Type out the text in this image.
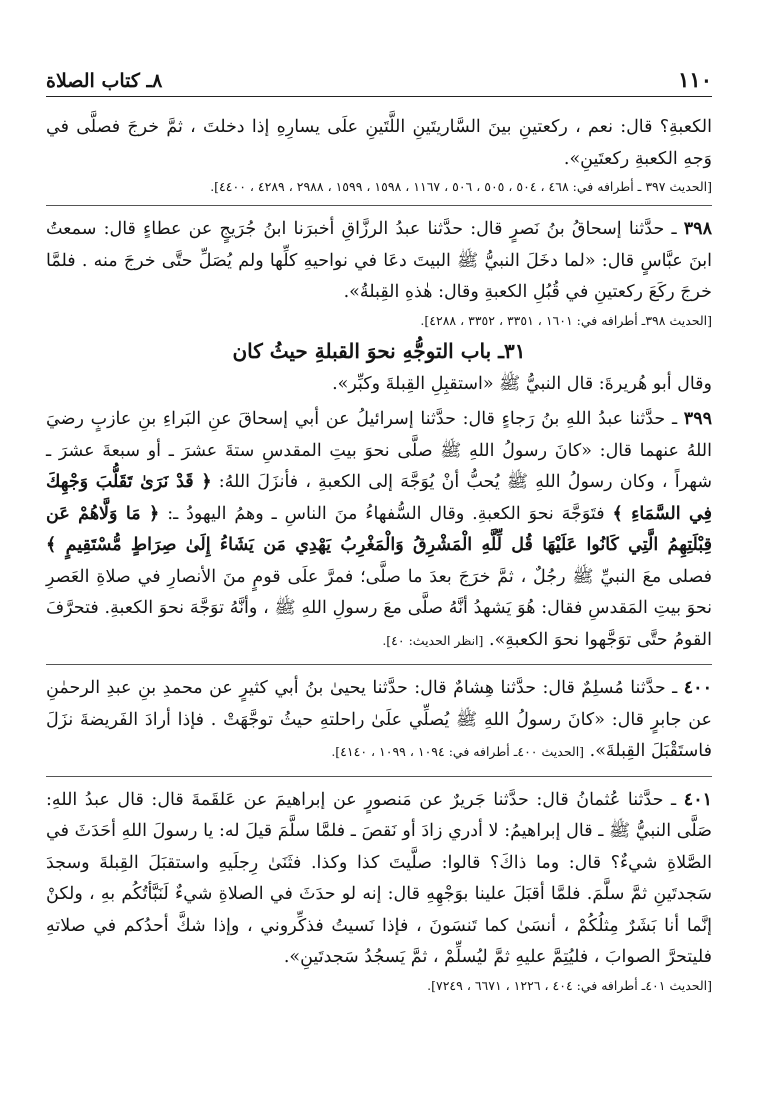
١١٠
٨ـ كتاب الصلاة

الكعبةِ؟ قال: نعم ، ركعتينِ بينَ السَّاريتَينِ اللَّتَينِ علَى يسارِهِ إذا دخلتَ ، ثمَّ خرجَ فصلَّى في وَجهِ الكعبةِ ركعتَينِ».

[الحديث ٣٩٧ ـ أطرافه في: ٤٦٨ ، ٥٠٤ ، ٥٠٥ ، ٥٠٦ ، ١١٦٧ ، ١٥٩٨ ، ١٥٩٩ ، ٢٩٨٨ ، ٤٢٨٩ ، ٤٤٠٠].

٣٩٨ ـ حدَّثنا إسحاقُ بنُ نَصرٍ قال: حدَّثنا عبدُ الرزَّاقِ أخبرَنا ابنُ جُرَيجٍ عن عطاءٍ قال: سمعتُ ابنَ عبَّاسٍ قال: «لما دخَلَ النبيُّ ﷺ البيتَ دعَا في نواحيهِ كلِّها ولم يُصَلِّ حتَّى خرجَ منه . فلمَّا خرجَ ركَعَ ركعتينِ في قُبُلِ الكعبةِ وقال: هٰذهِ القِبلةُ».

[الحديث ٣٩٨ـ أطرافه في: ١٦٠١ ، ٣٣٥١ ، ٣٣٥٢ ، ٤٢٨٨].

٣١ـ باب التوجُّهِ نحوَ القبلةِ حيثُ كان

وقال أبو هُريرةَ: قال النبيُّ ﷺ «استقبِلِ القِبلةَ وكبِّر».

٣٩٩ ـ حدَّثنا عبدُ اللهِ بنُ رَجاءٍ قال: حدَّثنا إسرائيلُ عن أبي إسحاقَ عنِ البَراءِ بنِ عازبٍ رضيَ اللهُ عنهما قال: «كانَ رسولُ اللهِ ﷺ صلَّى نحوَ بيتِ المقدسِ ستةَ عشرَ ـ أو سبعةَ عشرَ ـ شهراً ، وكان رسولُ اللهِ ﷺ يُحبُّ أنْ يُوَجَّهَ إلى الكعبةِ ، فأنزَلَ اللهُ: ﴿ قَدْ نَرَىٰ تَقَلُّبَ وَجْهِكَ فِي السَّمَاءِ ﴾ فتَوَجَّهَ نحوَ الكعبةِ. وقال السُّفهاءُ منَ الناسِ ـ وهمُ اليهودُ ـ: ﴿ مَا وَلَّاهُمْ عَن قِبْلَتِهِمُ الَّتِي كَانُوا عَلَيْهَا قُل لِّلَّهِ الْمَشْرِقُ وَالْمَغْرِبُ يَهْدِي مَن يَشَاءُ إِلَىٰ صِرَاطٍ مُّسْتَقِيمٍ ﴾ فصلى معَ النبيِّ ﷺ رجُلٌ ، ثمَّ خرَجَ بعدَ ما صلَّى؛ فمرَّ علَى قومٍ منَ الأنصارِ في صلاةِ العَصرِ نحوَ بيتِ المَقدسِ فقال: هُوَ يَشهدُ أنَّهُ صلَّى معَ رسولِ اللهِ ﷺ ، وأنَّهُ توَجَّهَ نحوَ الكعبةِ. فتحرَّفَ القومُ حتَّى توَجَّهوا نحوَ الكعبةِ». [انظر الحديث: ٤٠].

٤٠٠ ـ حدَّثنا مُسلِمٌ قال: حدَّثنا هِشامٌ قال: حدَّثنا يحيىٰ بنُ أبي كثيرٍ عن محمدِ بنِ عبدِ الرحمٰنِ عن جابرٍ قال: «كانَ رسولُ اللهِ ﷺ يُصلِّي علَىٰ راحلتهِ حيثُ توجَّهَتْ . فإذا أرادَ الفَريضةَ نزَلَ فاستَقْبَلَ القِبلةَ». [الحديث ٤٠٠ـ أطرافه في: ١٠٩٤ ، ١٠٩٩ ، ٤١٤٠].

٤٠١ ـ حدَّثنا عُثمانُ قال: حدَّثنا جَريرٌ عن مَنصورٍ عن إبراهيمَ عن عَلقَمةَ قال: قال عبدُ اللهِ: صَلَّى النبيُّ ﷺ ـ قال إبراهيمُ: لا أدري زادَ أو نَقصَ ـ فلمَّا سلَّمَ قيلَ له: يا رسولَ اللهِ أحَدَثَ في الصَّلاةِ شيءٌ؟ قال: وما ذاكَ؟ قالوا: صلَّيتَ كذا وكذا. فثَنَىٰ رِجلَيهِ واستقبَلَ القِبلةَ وسجدَ سَجدتَينِ ثمَّ سلَّمَ. فلمَّا أقبَلَ علينا بوَجْهِهِ قال: إنه لو حدَثَ في الصلاةِ شيءٌ لَنَبَّأتُكُم بهِ ، ولكنْ إنَّما أنا بَشَرٌ مِثلُكُمْ ، أنسَىٰ كما تَنسَونَ ، فإذا نَسيتُ فذكِّروني ، وإذا شكَّ أحدُكم في صلاتهِ فليتحرَّ الصوابَ ، فليُتِمَّ عليهِ ثمَّ ليُسلِّمْ ، ثمَّ يَسجُدُ سَجدتَينِ».

[الحديث ٤٠١ـ أطرافه في: ٤٠٤ ، ١٢٢٦ ، ٦٦٧١ ، ٧٢٤٩].
